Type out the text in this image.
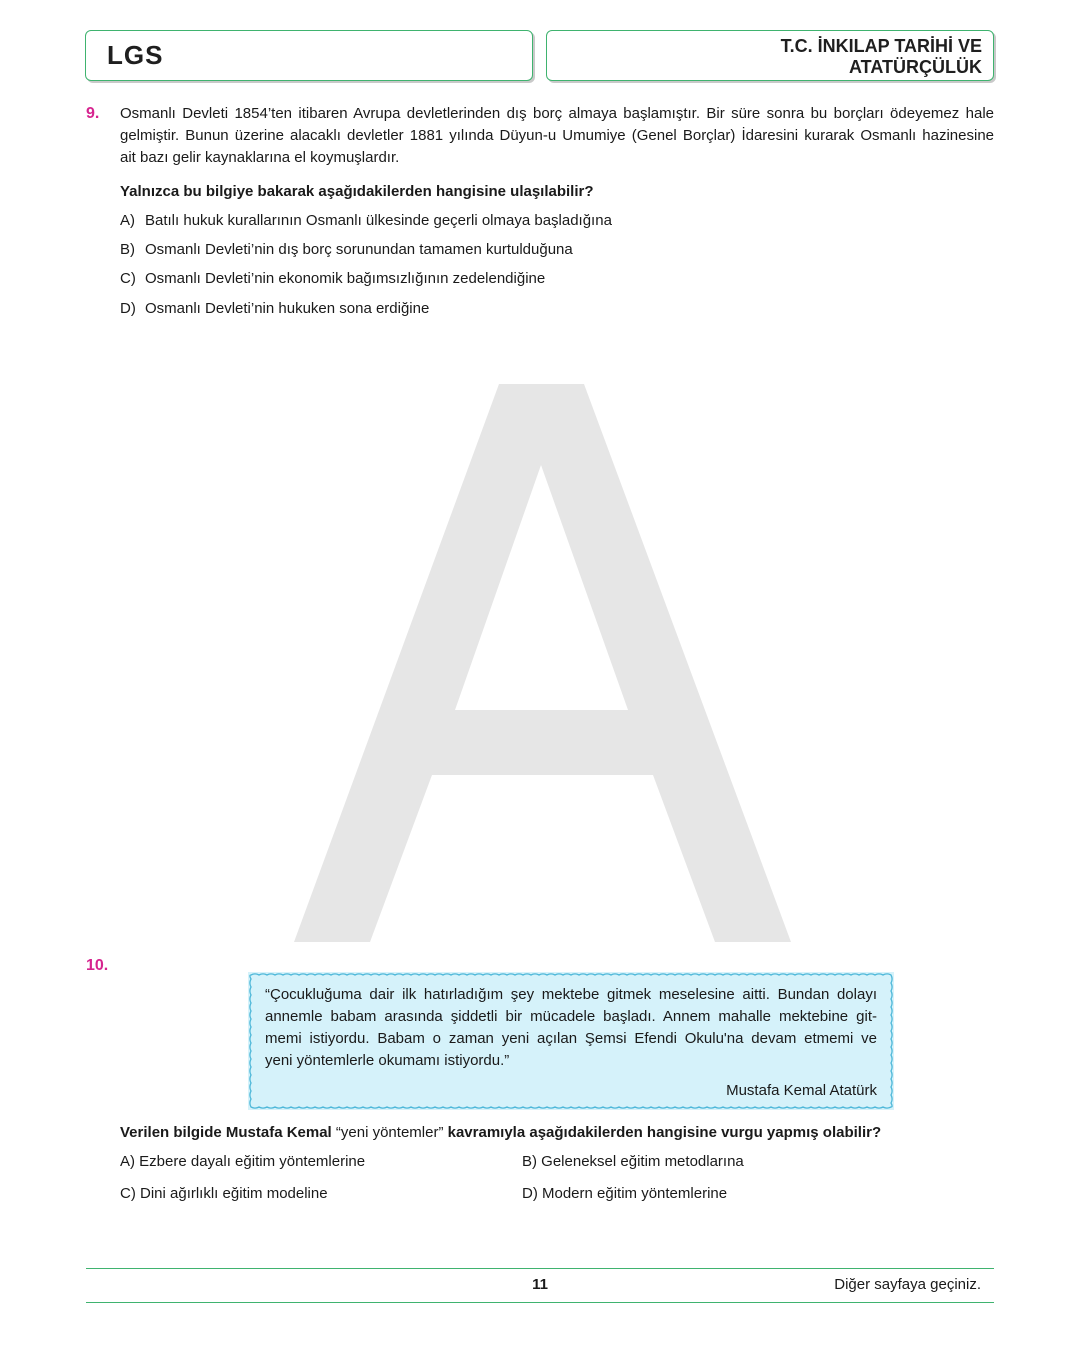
LGS	T.C. İNKILAP TARİHİ VE
ATATÜRÇÜLÜK
9. Osmanlı Devleti 1854’ten itibaren Avrupa devletlerinden dış borç almaya başlamıştır. Bir süre sonra bu borçları ödeyemez hale
gelmiştir. Bunun üzerine alacaklı devletler 1881 yılında Düyun-u Umumiye (Genel Borçlar) İdaresini kurarak Osmanlı hazinesine
ait bazı gelir kaynaklarına el koymuşlardır.
Yalnızca bu bilgiye bakarak aşağıdakilerden hangisine ulaşılabilir?
A) Batılı hukuk kurallarının Osmanlı ülkesinde geçerli olmaya başladığına
B) Osmanlı Devleti’nin dış borç sorunundan tamamen kurtulduğuna
C) Osmanlı Devleti’nin ekonomik bağımsızlığının zedelendiğine
D) Osmanlı Devleti’nin hukuken sona erdiğine
10.
“Çocukluğuma dair ilk hatırladığım şey mektebe gitmek meselesine aitti. Bundan dolayı
annemle babam arasında şiddetli bir mücadele başladı. Annem mahalle mektebine git-
memi istiyordu. Babam o zaman yeni açılan Şemsi Efendi Okulu'na devam etmemi ve
yeni yöntemlerle okumamı istiyordu.”
Mustafa Kemal Atatürk
Verilen bilgide Mustafa Kemal “yeni yöntemler” kavramıyla aşağıdakilerden hangisine vurgu yapmış olabilir?
A) Ezbere dayalı eğitim yöntemlerine	B) Geleneksel eğitim metodlarına
C) Dini ağırlıklı eğitim modeline	D) Modern eğitim yöntemlerine
11	Diğer sayfaya geçiniz.
